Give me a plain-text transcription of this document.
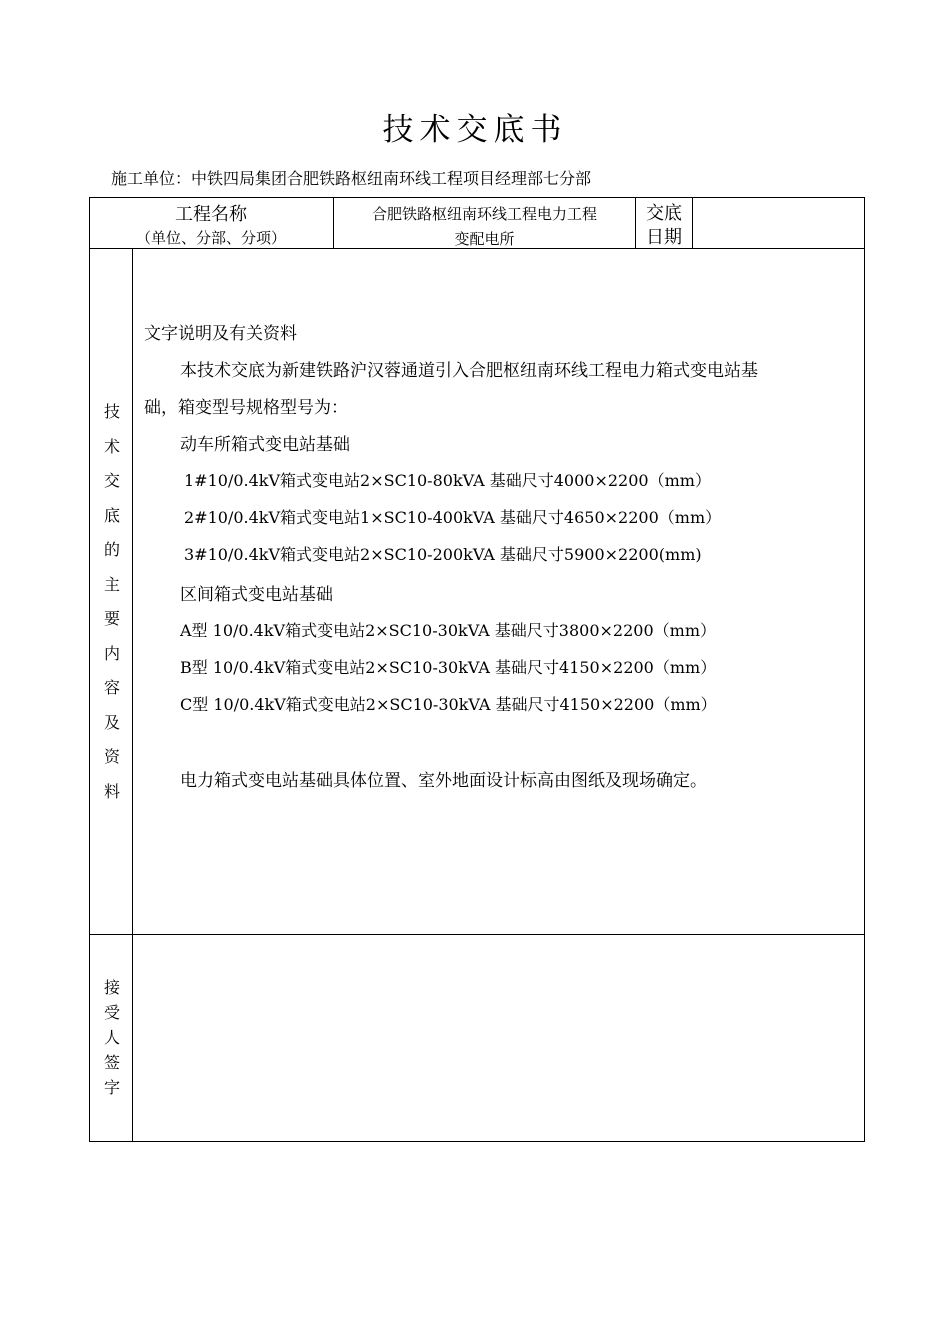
技术交底书
施工单位：中铁四局集团合肥铁路枢纽南环线工程项目经理部七分部
工程名称
（单位、分部、分项）
合肥铁路枢纽南环线工程电力工程
变配电所
交底
日期
技
术
交
底
的
主
要
内
容
及
资
料
文字说明及有关资料
本技术交底为新建铁路沪汉蓉通道引入合肥枢纽南环线工程电力箱式变电站基
础，箱变型号规格型号为：
动车所箱式变电站基础
1#10/0.4kV箱式变电站2×SC10-80kVA 基础尺寸4000×2200（mm）
2#10/0.4kV箱式变电站1×SC10-400kVA 基础尺寸4650×2200（mm）
3#10/0.4kV箱式变电站2×SC10-200kVA 基础尺寸5900×2200(mm)
区间箱式变电站基础
A型 10/0.4kV箱式变电站2×SC10-30kVA 基础尺寸3800×2200（mm）
B型 10/0.4kV箱式变电站2×SC10-30kVA 基础尺寸4150×2200（mm）
C型 10/0.4kV箱式变电站2×SC10-30kVA 基础尺寸4150×2200（mm）
电力箱式变电站基础具体位置、室外地面设计标高由图纸及现场确定。
接
受
人
签
字
